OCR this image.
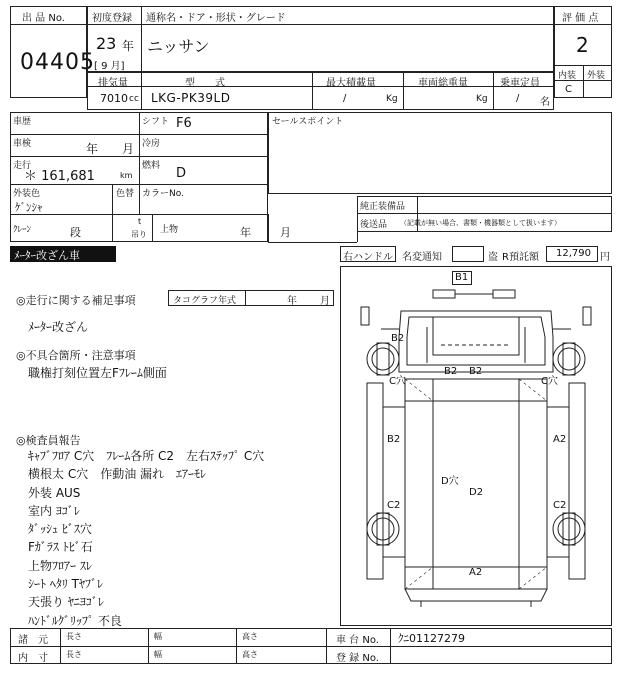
出 品 No.
04405
初度登録 通称名・ドア・形状・グレード
23 年
[ 9 月]
ニッサン
評 価 点
2
内装 外装
C
排気量	型　　式	最大積載量	車両総重量	乗車定員
7010 cc LKG-PK39LD	/	Kg	Kg	/ 名
車歴	シフト F6
車検	年 月 冷房
走行
＊ 161,681	km
燃料 D
外装色
ｹﾞﾝｼｬ
色替 カラーNo.
セールスポイント
純正装備品
後送品 （記載が無い場合、書類・機器類として扱います）
ｸﾚｰﾝ	段
t
吊り 上物	年	月
ﾒｰﾀｰ改ざん車	右ハンドル 名変通知	盗 R預託額 12,790 円
◎走行に関する補足事項	タコグラフ年式	年 月
ﾒｰﾀｰ改ざん
◎不具合箇所・注意事項
職権打刻位置左Fﾌﾚｰﾑ側面
◎検査員報告
ｷｬﾌﾞﾌﾛｱ C穴　ﾌﾚｰﾑ各所 C2　左右ｽﾃｯﾌﾟ C穴
横根太 C穴　作動油 漏れ　ｴｱｰﾓﾚ
外装 AUS
室内 ﾖｺﾞﾚ
ﾀﾞｯｼｭ ﾋﾞｽ穴
Fｶﾞﾗｽ ﾄﾋﾞ石
上物ﾌﾛｱｰ ｽﾚ
ｼｰﾄ ﾍﾀﾘ Tﾔﾌﾞﾚ
天張り ﾔﾆﾖｺﾞﾚ
ﾊﾝﾄﾞﾙｸﾞﾘｯﾌﾟ 不良
B1
B2
B2 B2
C穴	C穴
B2	A2
D穴
D2
C2	C2
A2
諸　元
内　寸
長さ	幅	高さ
長さ	幅	高さ
車 台 No. ｸﾆ01127279
登 録 No.
